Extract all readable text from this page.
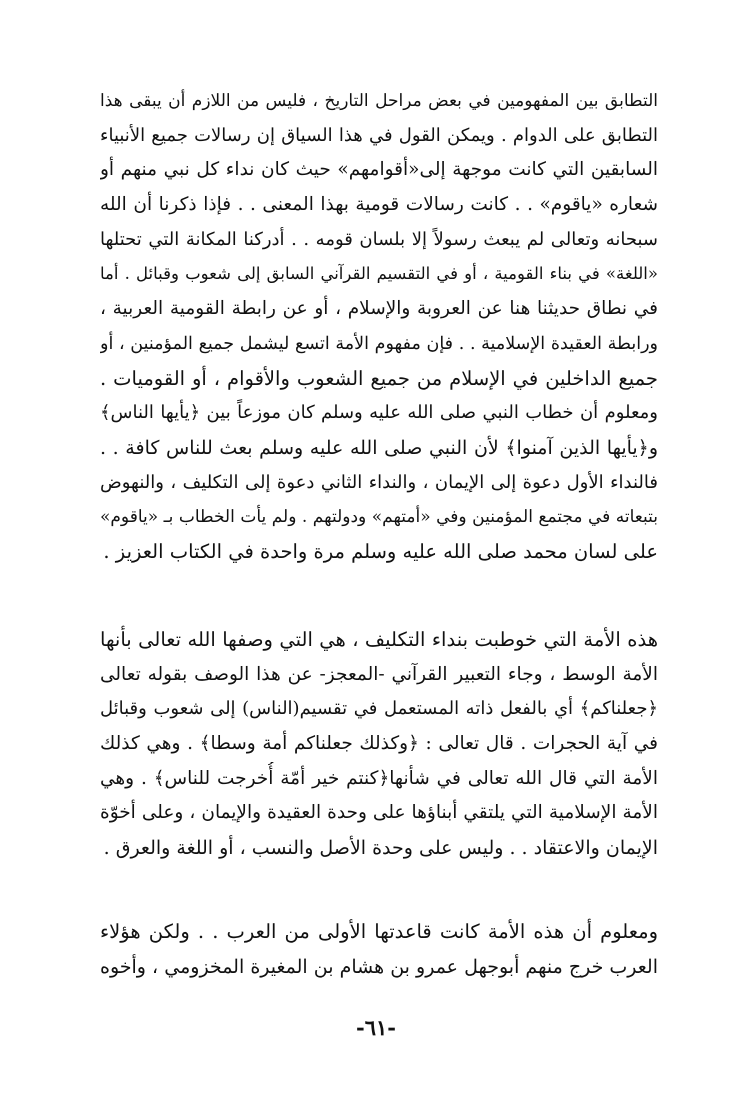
التطابق بين المفهومين في بعض مراحل التاريخ ، فليس من اللازم أن يبقى هذا
التطابق على الدوام . ويمكن القول في هذا السياق إن رسالات جميع الأنبياء
السابقين التي كانت موجهة إلى«أقوامهم» حيث كان نداء كل نبي منهم أو
شعاره «ياقوم» . . كانت رسالات قومية بهذا المعنى . . فإذا ذكرنا أن الله
سبحانه وتعالى لم يبعث رسولاً إلا بلسان قومه . . أدركنا المكانة التي تحتلها
«اللغة» في بناء القومية ، أو في التقسيم القرآني السابق إلى شعوب وقبائل . أما
في نطاق حديثنا هنا عن العروبة والإسلام ، أو عن رابطة القومية العربية ،
ورابطة العقيدة الإسلامية . . فإن مفهوم الأمة اتسع ليشمل جميع المؤمنين ، أو
جميع الداخلين في الإسلام من جميع الشعوب والأقوام ، أو القوميات .
ومعلوم أن خطاب النبي صلى الله عليه وسلم كان موزعاً بين ﴿يأيها الناس﴾
و﴿يأيها الذين آمنوا﴾ لأن النبي صلى الله عليه وسلم بعث للناس كافة . .
فالنداء الأول دعوة إلى الإيمان ، والنداء الثاني دعوة إلى التكليف ، والنهوض
بتبعاته في مجتمع المؤمنين وفي «أمتهم» ودولتهم . ولم يأت الخطاب بـ «ياقوم»
على لسان محمد صلى الله عليه وسلم مرة واحدة في الكتاب العزيز .
هذه الأمة التي خوطبت بنداء التكليف ، هي التي وصفها الله تعالى بأنها
الأمة الوسط ، وجاء التعبير القرآني -المعجز- عن هذا الوصف بقوله تعالى
﴿جعلناكم﴾ أي بالفعل ذاته المستعمل في تقسيم(الناس) إلى شعوب وقبائل
في آية الحجرات . قال تعالى : ﴿وكذلك جعلناكم أمة وسطا﴾ . وهي كذلك
الأمة التي قال الله تعالى في شأنها﴿كنتم خير أمّة أُخرجت للناس﴾ . وهي
الأمة الإسلامية التي يلتقي أبناؤها على وحدة العقيدة والإيمان ، وعلى أخوّة
الإيمان والاعتقاد . . وليس على وحدة الأصل والنسب ، أو اللغة والعرق .
ومعلوم أن هذه الأمة كانت قاعدتها الأولى من العرب . . ولكن هؤلاء
العرب خرج منهم أبوجهل عمرو بن هشام بن المغيرة المخزومي ، وأخوه
-٦١-
